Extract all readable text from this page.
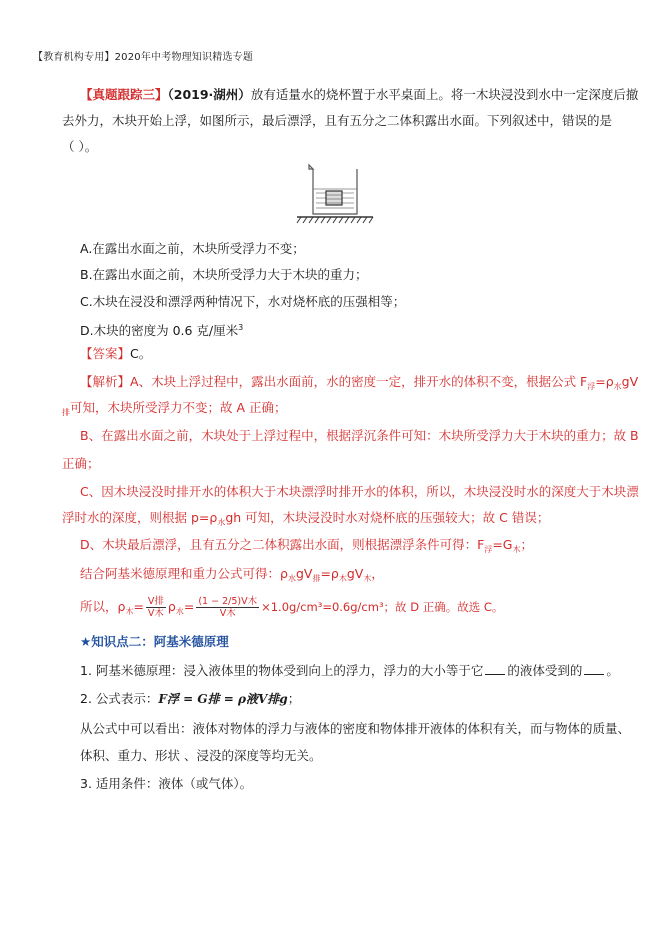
【教育机构专用】2020年中考物理知识精选专题
【真题跟踪三】（2019·湖州）放有适量水的烧杯置于水平桌面上。将一木块浸没到水中一定深度后撤
去外力，木块开始上浮，如图所示，最后漂浮，且有五分之二体积露出水面。下列叙述中，错误的是
（ ）。
A.在露出水面之前，木块所受浮力不变；
B.在露出水面之前，木块所受浮力大于木块的重力；
C.木块在浸没和漂浮两种情况下，水对烧杯底的压强相等；
D.木块的密度为 0.6 克/厘米$^3$
【答案】C。
【解析】A、木块上浮过程中，露出水面前，水的密度一定，排开水的体积不变，根据公式 $F_浮=\rho_水gV$
$_排$可知，木块所受浮力不变；故 A 正确；
B、在露出水面之前，木块处于上浮过程中，根据浮沉条件可知：木块所受浮力大于木块的重力；故 B
正确；
C、因木块浸没时排开水的体积大于木块漂浮时排开水的体积，所以，木块浸没时水的深度大于木块漂
浮时水的深度，则根据 $p=\rho_水gh$ 可知，木块浸没时水对烧杯底的压强较大；故 C 错误；
D、木块最后漂浮，且有五分之二体积露出水面，则根据漂浮条件可得：$F_浮=G_木$；
结合阿基米德原理和重力公式可得：$\rho_水gV_排=\rho_木gV_木$，
所以，$\rho_木= \frac{\text{V排}}{\text{V木}} \rho_水= \frac{\text{(1 − 2/5)V木}}{\text{V木}} \times 1.0g/cm^3=0.6g/cm^3$；故 D 正确。故选 C。
★知识点二：阿基米德原理
1. 阿基米德原理：浸入液体里的物体受到向上的浮力，浮力的大小等于它 的液体受到的 。
2. 公式表示：F浮 = G排 = ρ液V排g；
从公式中可以看出：液体对物体的浮力与液体的密度和物体排开液体的体积有关，而与物体的质量、
体积、重力、形状 、浸没的深度等均无关。
3. 适用条件：液体（或气体）。
